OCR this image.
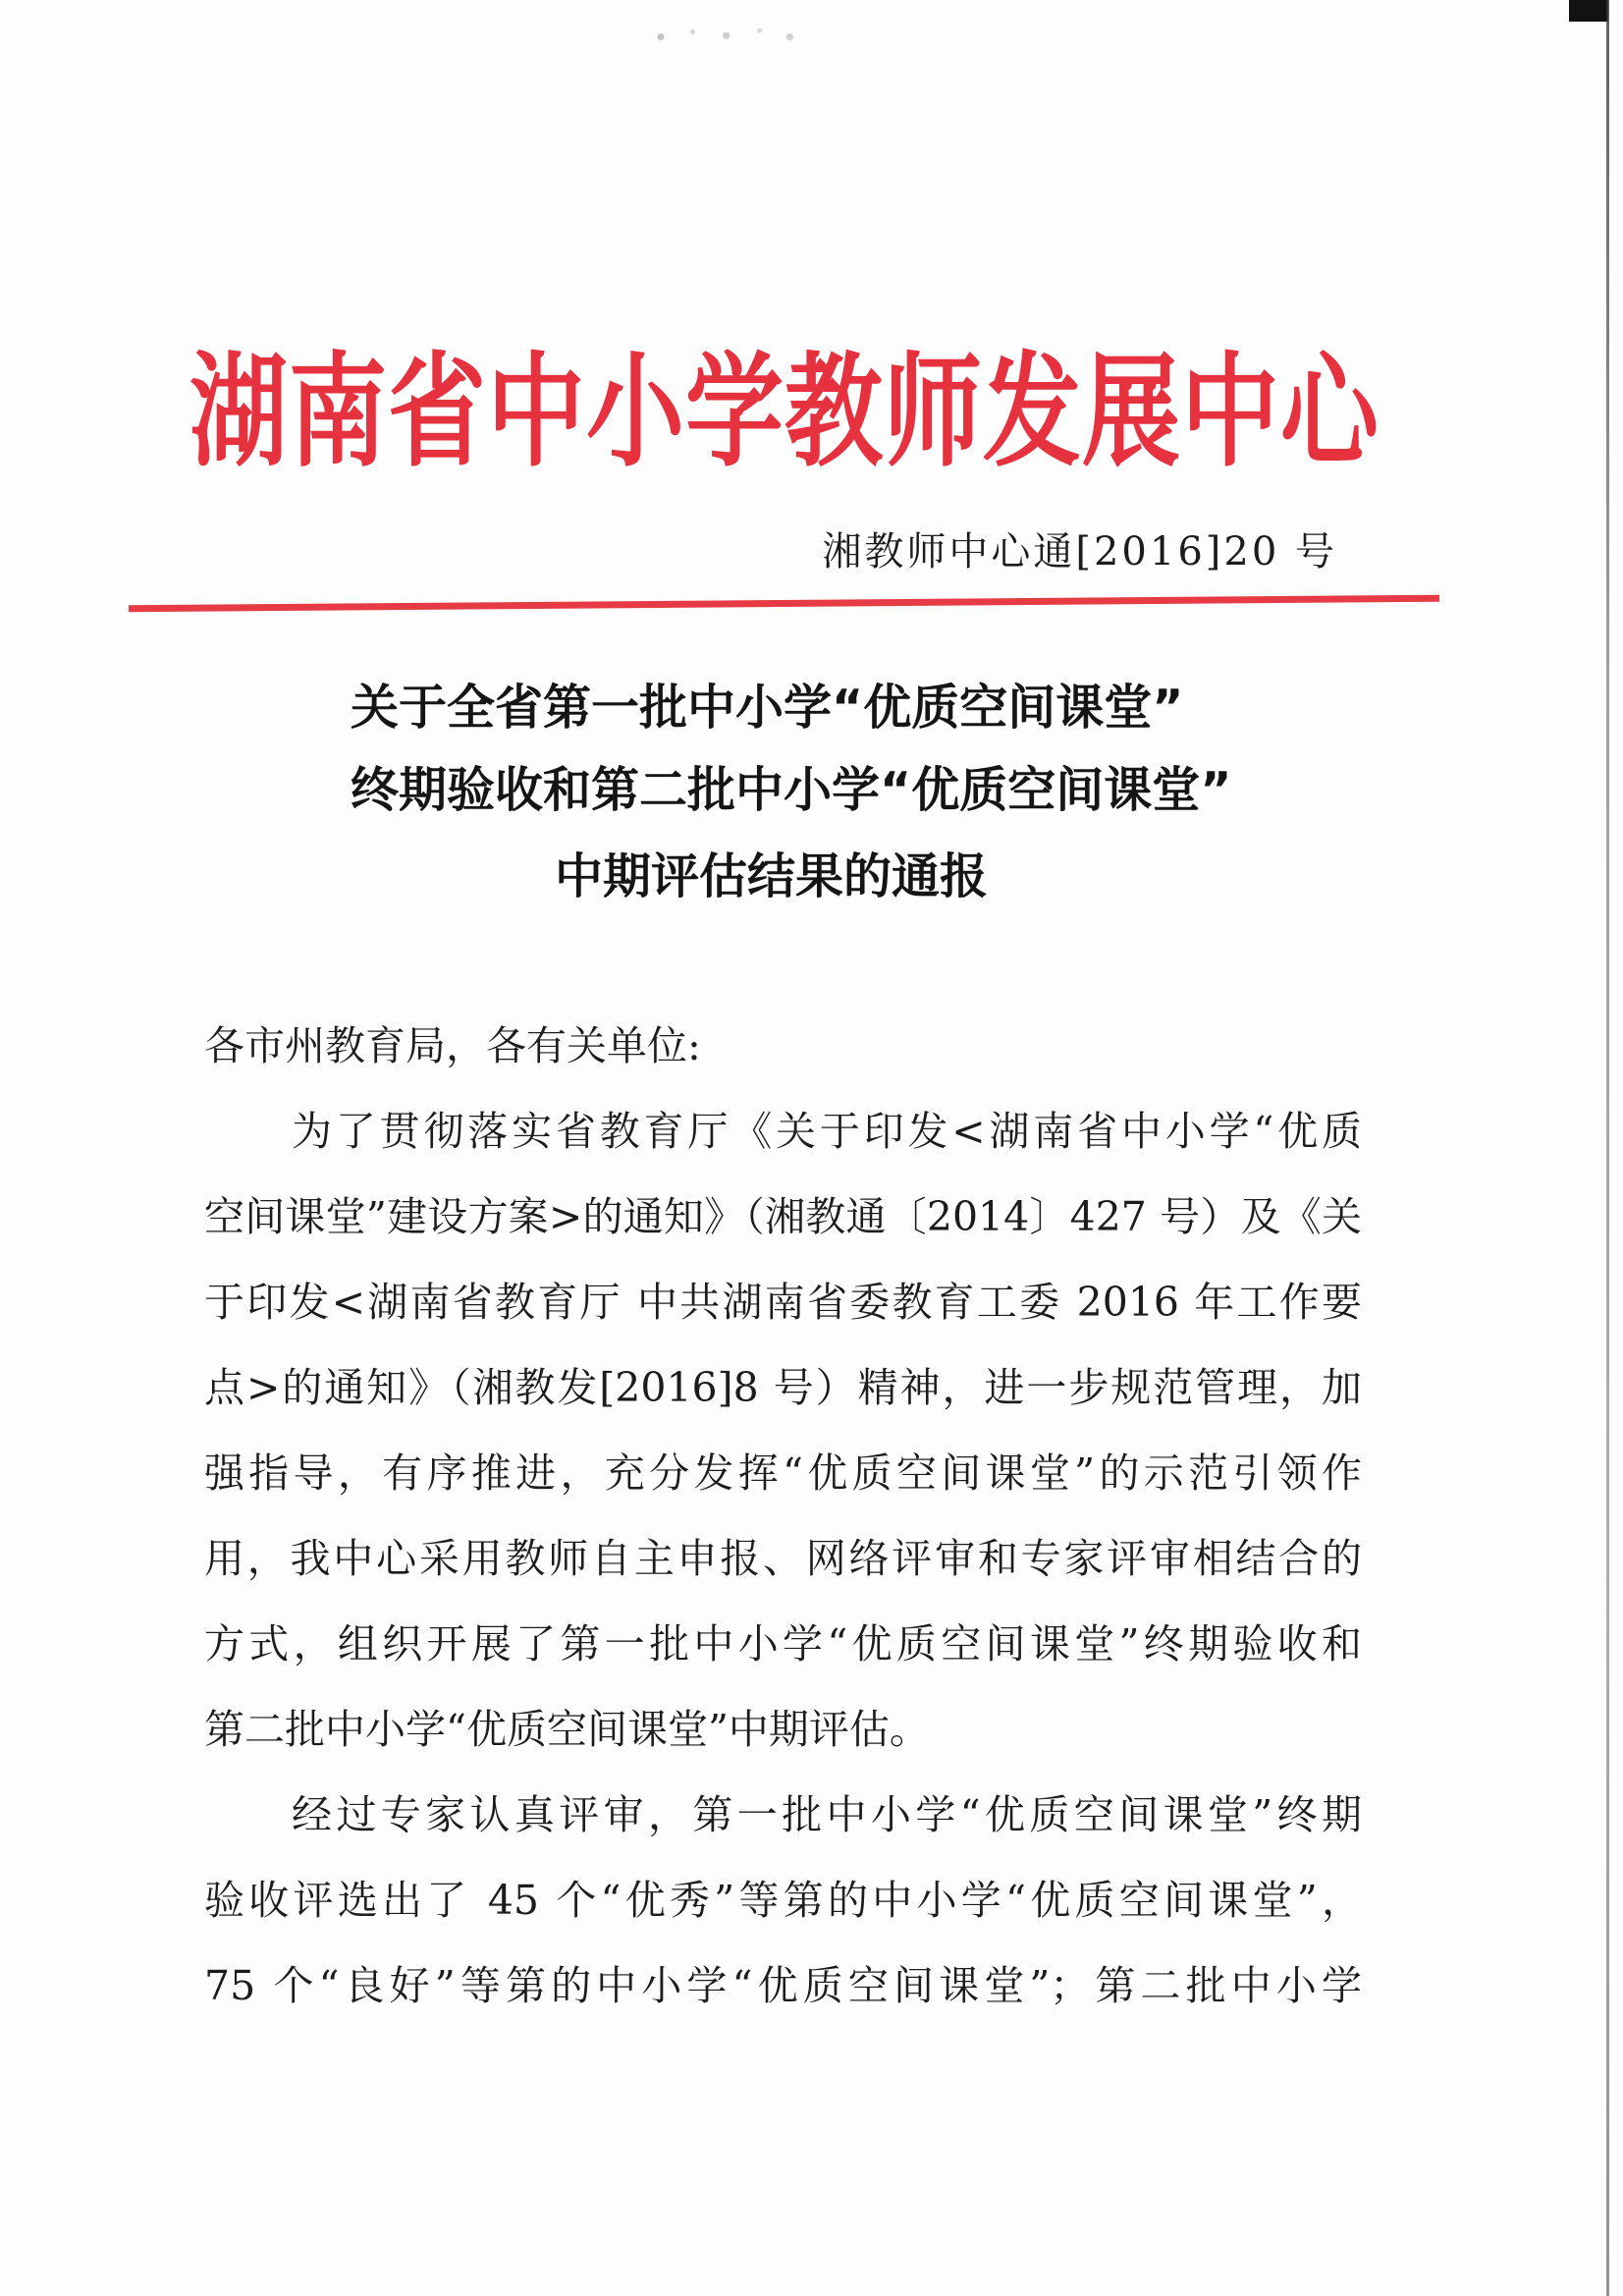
湖南省中小学教师发展中心
湘教师中心通[2016]20 号
关于全省第一批中小学“优质空间课堂”
终期验收和第二批中小学“优质空间课堂”
中期评估结果的通报
各市州教育局，各有关单位:
为了贯彻落实省教育厅《关于印发<湖南省中小学“优质
空间课堂”建设方案>的通知》（湘教通〔2014〕427 号）及《关
于印发<湖南省教育厅 中共湖南省委教育工委 2016 年工作要
点>的通知》（湘教发[2016]8 号）精神，进一步规范管理，加
强指导，有序推进，充分发挥“优质空间课堂”的示范引领作
用，我中心采用教师自主申报、网络评审和专家评审相结合的
方式，组织开展了第一批中小学“优质空间课堂”终期验收和
第二批中小学“优质空间课堂”中期评估。
经过专家认真评审，第一批中小学“优质空间课堂”终期
验收评选出了 45 个“优秀”等第的中小学“优质空间课堂”，
75 个“良好”等第的中小学“优质空间课堂”；第二批中小学
